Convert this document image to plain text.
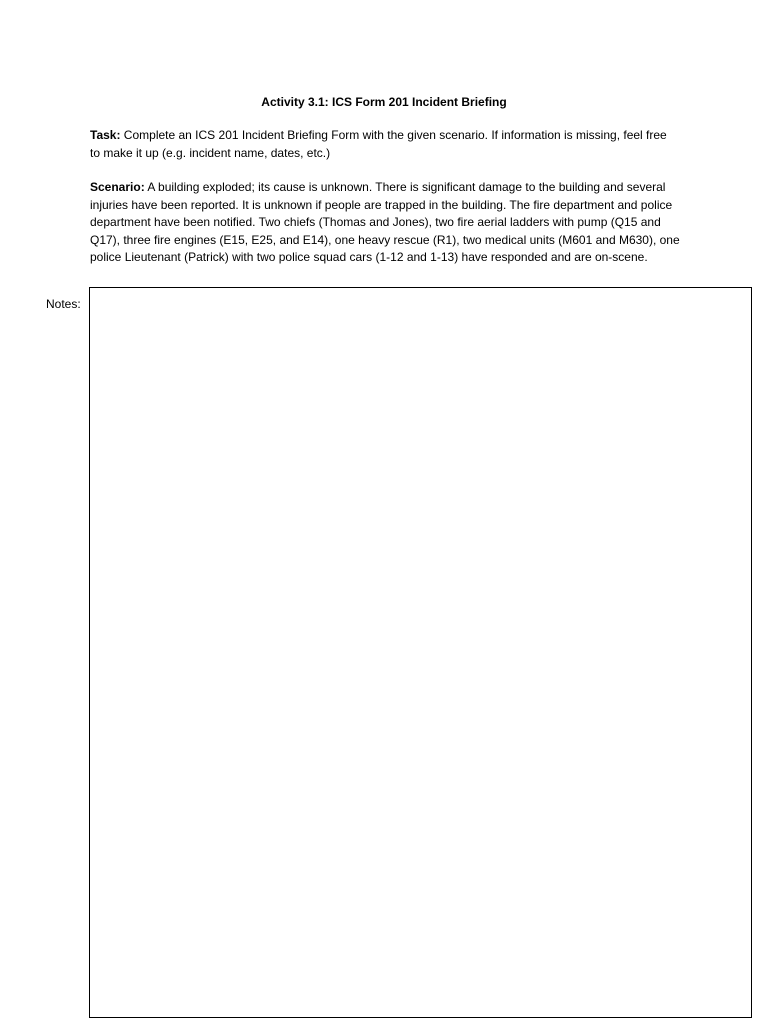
Activity 3.1: ICS Form 201 Incident Briefing

Task: Complete an ICS 201 Incident Briefing Form with the given scenario. If information is missing, feel free to make it up (e.g. incident name, dates, etc.)

Scenario: A building exploded; its cause is unknown. There is significant damage to the building and several injuries have been reported. It is unknown if people are trapped in the building. The fire department and police department have been notified. Two chiefs (Thomas and Jones), two fire aerial ladders with pump (Q15 and Q17), three fire engines (E15, E25, and E14), one heavy rescue (R1), two medical units (M601 and M630), one police Lieutenant (Patrick) with two police squad cars (1-12 and 1-13) have responded and are on-scene.

Notes:
